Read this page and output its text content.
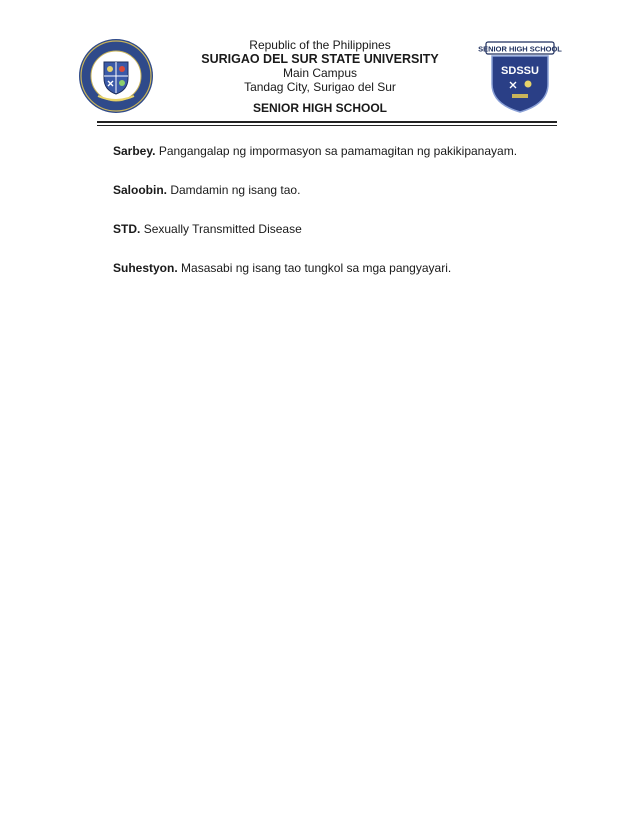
SENIOR HIGH SCHOOL
SDSSU
Republic of the Philippines
SURIGAO DEL SUR STATE UNIVERSITY
Main Campus
Tandag City, Surigao del Sur
SENIOR HIGH SCHOOL

Sarbey. Pangangalap ng impormasyon sa pamamagitan ng pakikipanayam.

Saloobin. Damdamin ng isang tao.

STD. Sexually Transmitted Disease

Suhestyon. Masasabi ng isang tao tungkol sa mga pangyayari.
